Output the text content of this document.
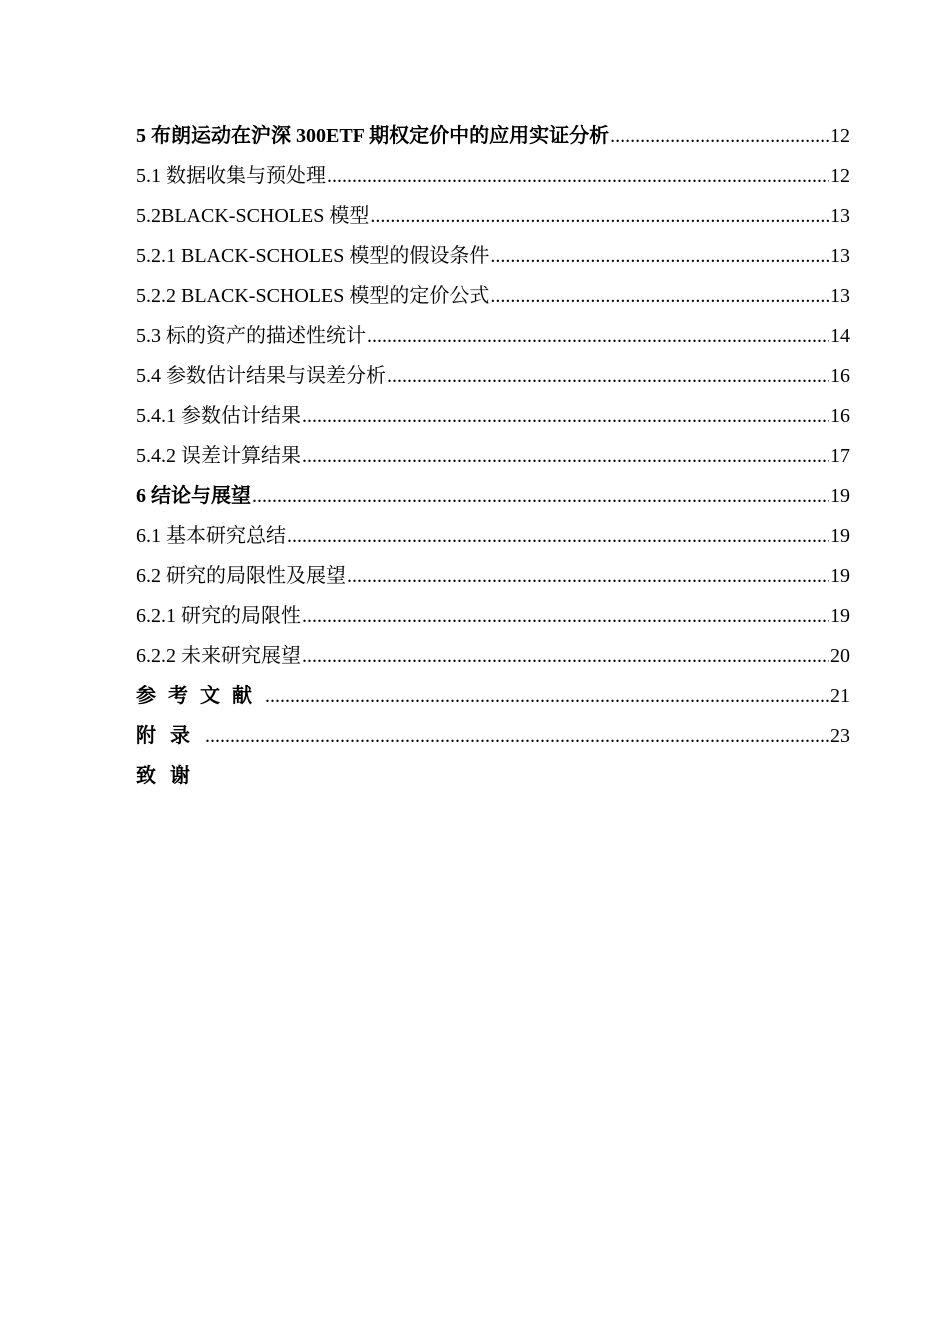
5 布朗运动在沪深 300ETF 期权定价中的应用实证分析 .....	12
5.1 数据收集与预处理 .....	12
5.2BLACK-SCHOLES 模型 .....	13
5.2.1 BLACK-SCHOLES 模型的假设条件 .....	13
5.2.2 BLACK-SCHOLES 模型的定价公式 .....	13
5.3 标的资产的描述性统计 .....	14
5.4 参数估计结果与误差分析 .....	16
5.4.1 参数估计结果 .....	16
5.4.2 误差计算结果 .....	17
6 结论与展望 .....	19
6.1 基本研究总结 .....	19
6.2 研究的局限性及展望 .....	19
6.2.1 研究的局限性 .....	19
6.2.2 未来研究展望 .....	20
参考文献 .....	21
附录 .....	23
致谢
